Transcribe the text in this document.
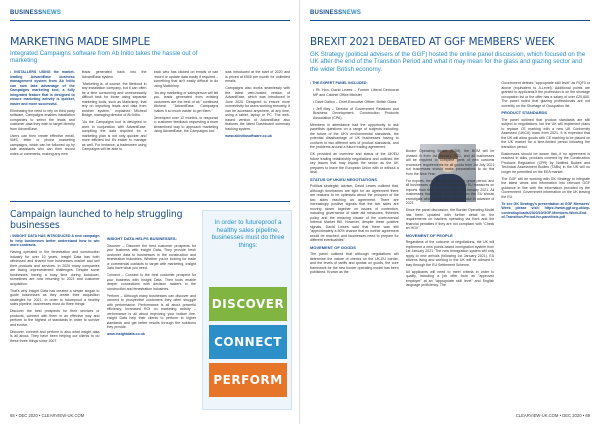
BUSINESSNEWS
MARKETING MADE SIMPLE
Integrated Campaigns software from Ab Initio takes the hassle out of marketing

• INSTALLERS USING the market-leading AdvantEase business management system from Ab Initio can now take advantage of the Campaigns marketing tool, a fully integrated feature that is designed to ensure marketing activity is quicker, easier and more successful.

Eliminating the need to rely on third party software, Campaigns enables installation companies to select the leads and customer data they wish to target directly from AdvantEase.

Users can then create effective email, SMS, letter or phone marketing campaigns, which can be followed up by sale assistants who can then record notes or comments, making any new

leads generated back into the AdvantEase system.

"Marketing is, of course, the lifeblood in any installation company, but it can often be a time consuming and unnecessarily difficult task for those using separate marketing tools, such as Mailchimp, that rely on importing leads and data from another system," explained Micheal Bridge, managing director of Ab Initio.

"As the Campaigns tool is designed to work in conjunction with AdvantEase, compiling the data required for a marketing plan is not only quicker and more efficient but it's easier to manage as well. For instance, a tradesmen using Campaigns will be able to

track who has clicked on emails or can record or update data easily if required – something that isn't easily difficult to do using Mailchimp.

"As any marketing or salesperson will tell you, leads generated from existing customers are the best of all," continued Micheal. "AdvantEase Campaigns makes it so much easier to get them."

Developed over 12 months, in response to customer feedback requesting a more streamlined way to approach marketing using AdvantEase, the Campaigns tool

was introduced at the start of 2020 and is priced at £500 per month for unlimited emails.

Campaigns also works seamlessly with the latest web-hosted version of AdvantEase, which was introduced in June 2020. Designed to ensure more connectivity for users working remotely, it can be accessed anywhere, at any time, using a tablet, laptop or PC. The web-based version of AdvantEase also features the latest Dashboard summary tracking system.

www.abinitiosoftware.co.uk

Campaign launched to help struggling businesses

• INSIGHT DATA HAS INTRODUCED A new campaign to help businesses better understand how to win more contracts.

Having operated in the fenestration and construction industry for over 10 years, Insight Data has both witnessed and shared how businesses market and sell their products and services. In 2020 many companies are facing unprecedented challenges. Despite some businesses having a busy time during lockdown, sometimes are now returning to 2021 and customer acquisition.

That's why Insight Data has created a simple slogan to guide businesses as they create their acquisition strategies for 2021. In order to futureproof a healthy sales pipeline, businesses must do three things:

Discover the best prospects for their services or products, connect with them in an effective way and perform to the highest of standards in order to survive and evolve.

Discover, connect and perform is also what insight data is all about. They have been helping our clients to do these three things since 2007.

INSIGHT DATA HELPS BUSINESSES:

Discover – Discover the best customer prospects for your business with Insight Data. They provide fresh customer data to businesses in the construction and fenestration industries. Whether you're looking for trade or commercial contacts to target with marketing, Insight Data have what you need.

Connect – Connect to the best customer prospect for your business with Insight Data. Their tools enable deeper connections with decision makers in the construction and fenestration industries.

Perform – Although many businesses can discover and connect to prospective customers they often struggle with performance. Performance is all about powerful efficiency, increased ROI on marketing activity – performance is all about improving your bottom line. Insight Data help their clients to perform to higher standards and get better results through the solutions they provide.

www.insightdata.co.uk

In order to futureproof a healthy sales pipeline, businesses must do three things:
DISCOVER
CONNECT
PERFORM
68 • DEC 2020 • CLEARVIEW-UK.COM
BUSINESSNEWS
BREXIT 2021 DEBATED AT GGF MEMBERS' WEEK
GK Strategy (political advisers of the GGF) hosted the online panel discussion, which focused on the UK after the end of the Transition Period and what it may mean for the glass and glazing sector and the wider British economy.

• THE EXPERT PANEL INCLUDED:

• Rt. Hon. David Lewes – Former Liberal Democrat MP and Cabinet Office Minister

• Dave Dalton – Chief Executive Officer, British Glass

• Jeff May – Director of Government Relations and Business Development, Construction Products Association (CPA)

Members in attendance had the opportunity to ask panellists questions on a range of subjects including: the future of the UK's environmental standards, the potential disadvantage of UK businesses having to conform to two different sets of product standards, and the problems around a future trading agreement.

GK provided an overview and status of the UK/EU future trading relationship negotiations and outlined the key issues that may impact the sector as the UK prepares to leave the European Union with or without a deal.

STATUS OF UK/EU NEGOTIATIONS

Political strategist, adviser, David Lewes outlined that, although timeframes are tight for an agreement there are reasons to be optimistic about the prospect of the two sides reaching an agreement. There are increasingly positive signals that the two sides are moving closer together on issues of contention, including governance of state aid measures, fisheries policy and the meaning clause of the controversial Internal Market Bill. However, despite these positive signals, David Lewes said that there was still "approximately a 50% chance that no further agreement would be reached, and businesses need to prepare for different eventualities".

MOVEMENT OF GOODS

The panel outlined that although negotiations will determine the nature of checks on the UK-EU border, and the levels of tariffs and quotas on goods, the core framework for the new border operating model has been published. Known as the

Border Operating Model (BOM), the BOM will be phased in from 1st January 2021, and all businesses will be required to complete parts of new customs procedure requirements for all goods from 1st July 2021 but businesses should make preparations to do this from the New Year.

For exports, there will not be a similar grace period, and all businesses will need to comply with EU measures on imports from third countries from 1st January 2021. All businesses that import and export from the EU should investigate which steps they need to take in advance of 2021.

Since the panel discussion, the Border Operating Model has been updated with further detail on the requirements on hauliers operating via Kent and the financial penalties if they are not compliant with "Check an HGV".

MOVEMENT OF PEOPLE

Regardless of the outcome of negotiations, the UK will implement a new points-based immigration system from 1st January 2021. The new immigration system will only apply to new arrivals (following 1st January 2021). EU citizens living and working in the UK will be allowed to stay through the EU Settlement Scheme.

All applicants will need to meet criteria in order to qualify, including a job offer from an "approved employer" at an "appropriate skill level" and English language proficiency. The

Government defines "appropriate skill level" as RQF3 or above (equivalent to A-Level). Additional points are granted to applicants if the profession is on the shortage occupation list or the offer has a salary of over £25,600. The panel noted that glazing professionals are not currently on the Shortage of Occupation list.

PRODUCT STANDARDS

The panel outlined that product standards are still subject to negotiations, but the UK will implement plans to replace CE marking with a new UK Conformity Assessed (UKCA) mark from 2021. It is expected that the UK will allow goods with CE marking to be placed on the UK market for a time-limited period following the transition period.

Businesses should be aware that, if no agreement is reached in talks, products covered by the Construction Products Regulation (CPR) by Notified Bodies and Technical Assessment Bodies (TABs) in the UK will no longer be permitted on the EEA market.

The GGF will be working with GK Strategy to integrate the latest views and information into relevant GGF guidance in line with the information provided by the Government. Government information on the UK leaving the EU.

To see GK Strategy's presentation at GGF Members' Week please visit: https://www.ggf.org.uk/wp-content/uploads/2020/10/GGF-Members-Week-End-of-Transition-Period-for-panellists.pdf

CLEARVIEW-UK.COM • DEC 2020 • 69
